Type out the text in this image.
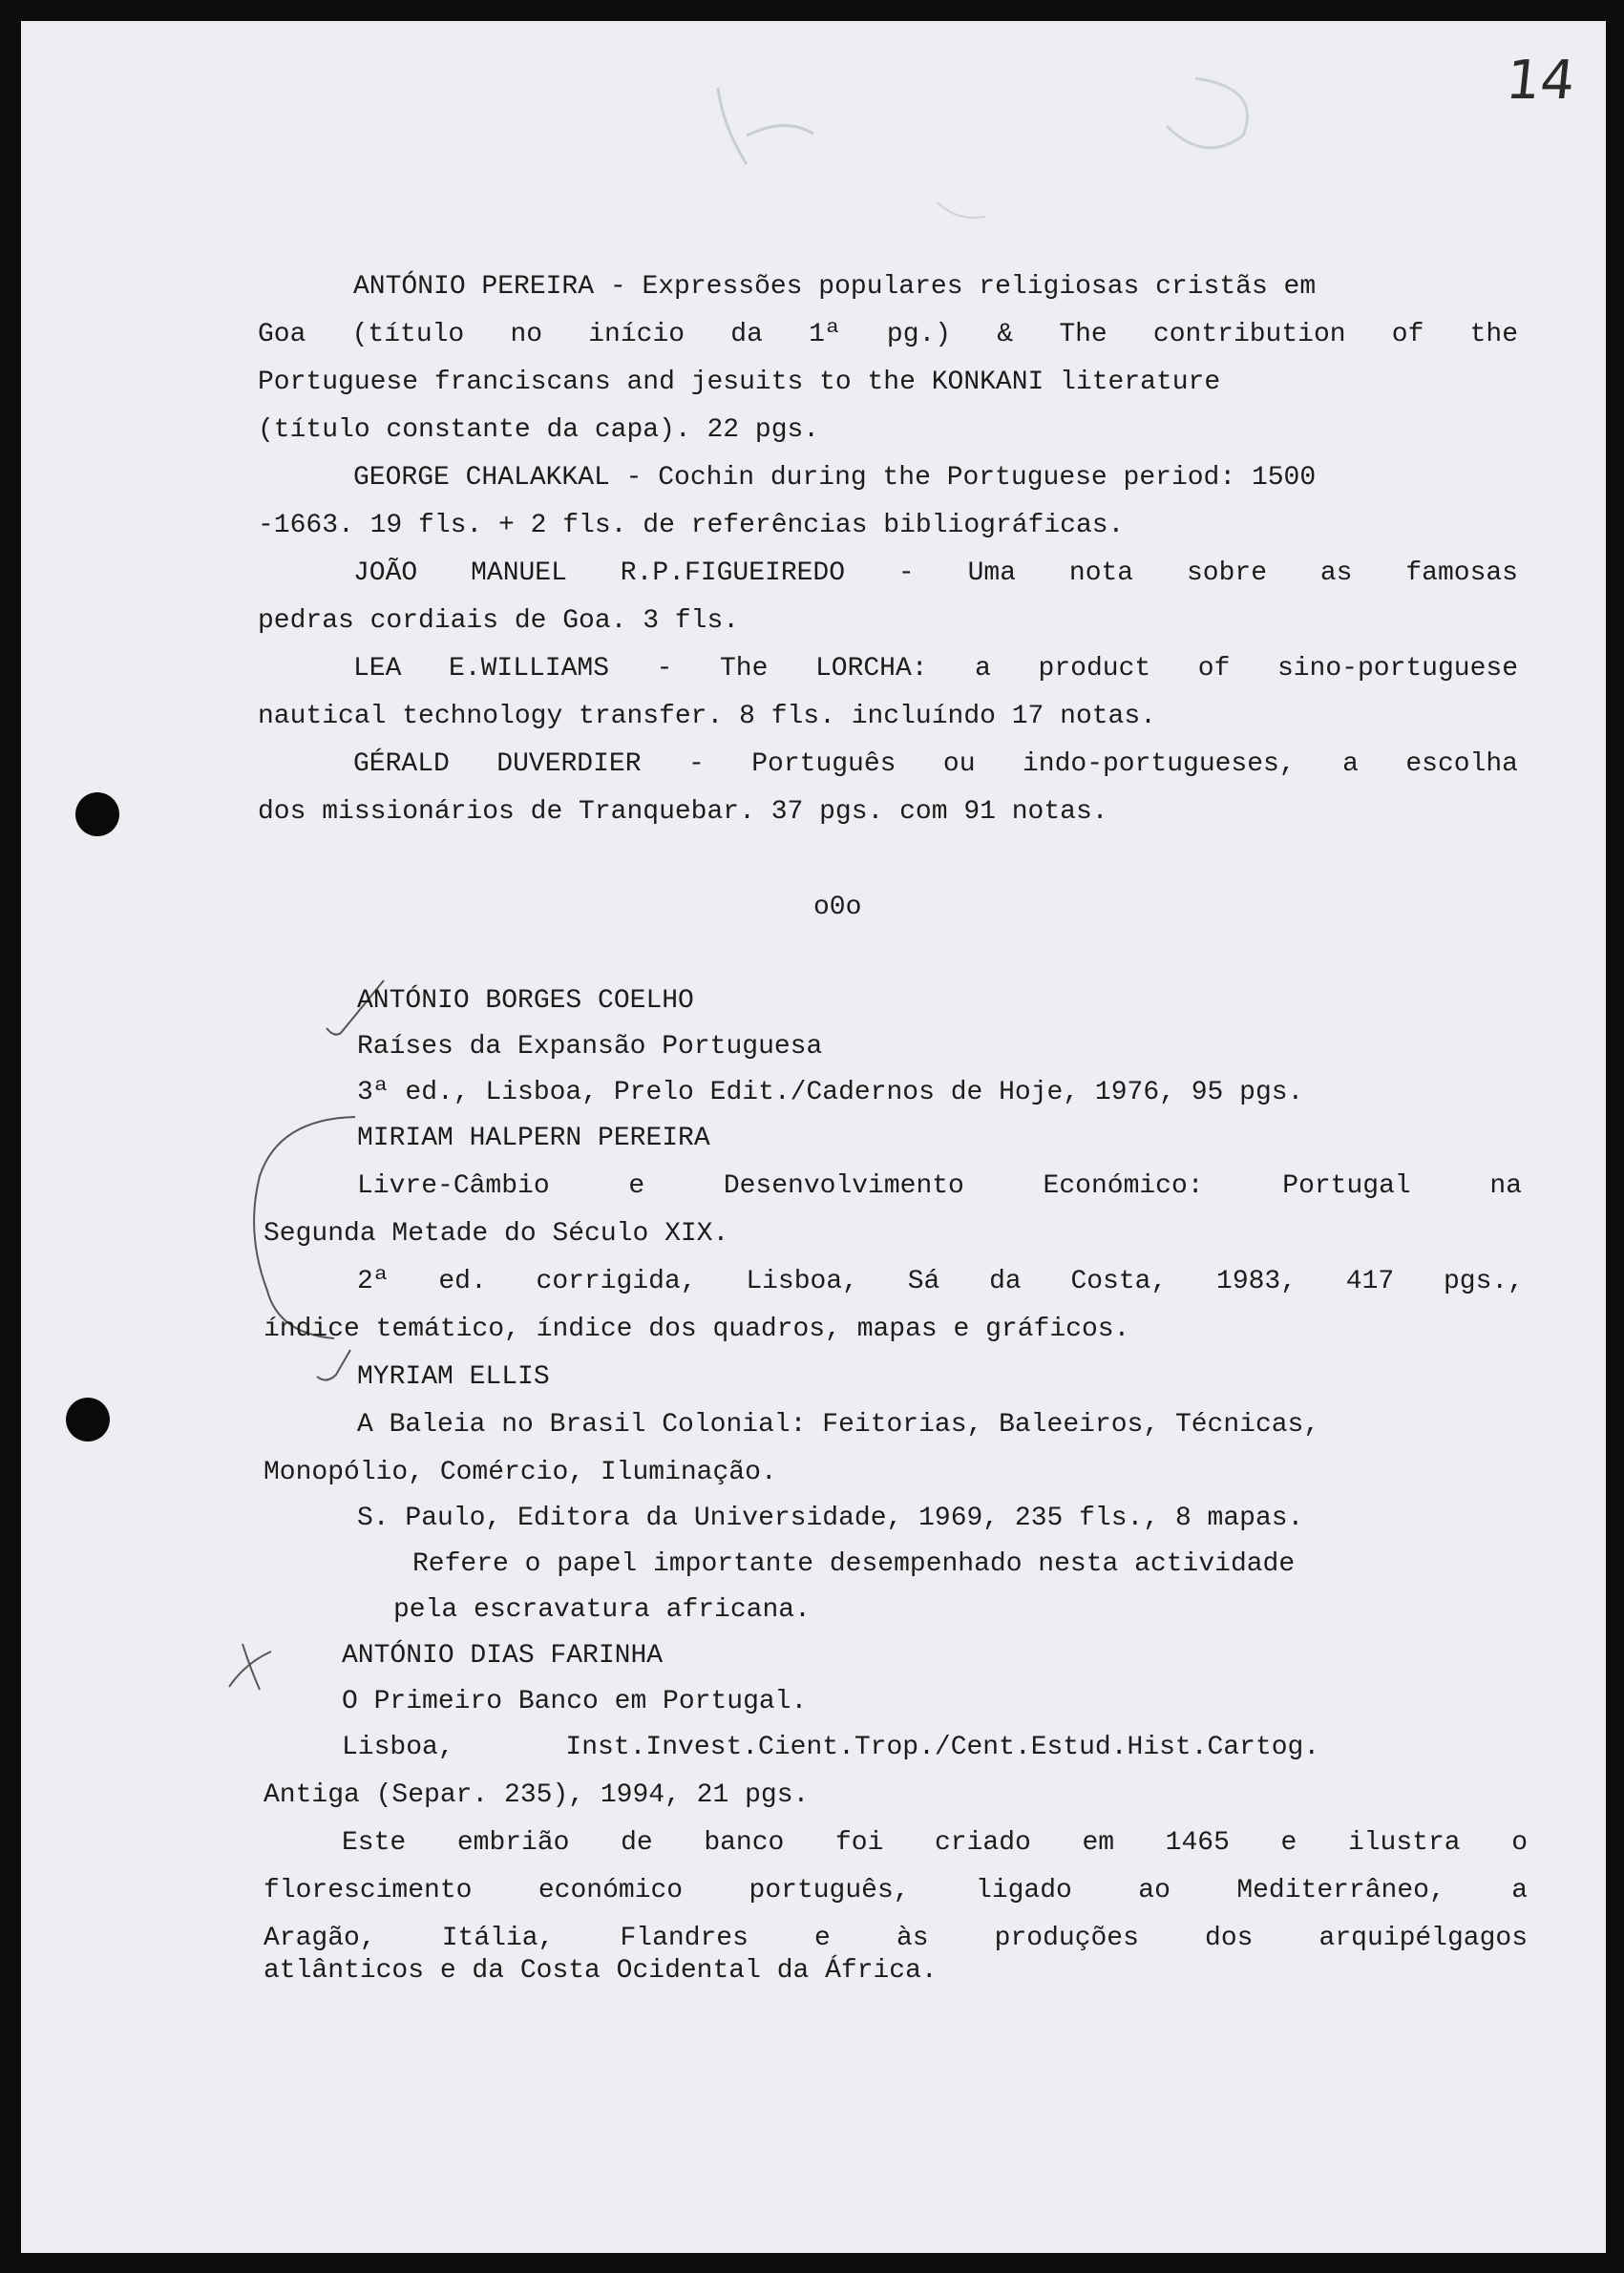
14
ANTÓNIO PEREIRA - Expressões populares religiosas cristãs em
Goa (título no início da 1ª pg.) & The contribution of the
Portuguese franciscans and jesuits to the KONKANI literature
(título constante da capa). 22 pgs.
GEORGE CHALAKKAL - Cochin during the Portuguese period: 1500
-1663. 19 fls. + 2 fls. de referências bibliográficas.
JOÃO MANUEL R.P.FIGUEIREDO - Uma nota sobre as famosas
pedras cordiais de Goa. 3 fls.
LEA E.WILLIAMS - The LORCHA: a product of sino-portuguese
nautical technology transfer. 8 fls. incluíndo 17 notas.
GÉRALD DUVERDIER - Português ou indo-portugueses, a escolha
dos missionários de Tranquebar. 37 pgs. com 91 notas.
o0o
ANTÓNIO BORGES COELHO
Raíses da Expansão Portuguesa
3ª ed., Lisboa, Prelo Edit./Cadernos de Hoje, 1976, 95 pgs.
MIRIAM HALPERN PEREIRA
Livre-Câmbio e Desenvolvimento Económico: Portugal na
Segunda Metade do Século XIX.
2ª ed. corrigida, Lisboa, Sá da Costa, 1983, 417 pgs.,
índice temático, índice dos quadros, mapas e gráficos.
MYRIAM ELLIS
A Baleia no Brasil Colonial: Feitorias, Baleeiros, Técnicas,
Monopólio, Comércio, Iluminação.
S. Paulo, Editora da Universidade, 1969, 235 fls., 8 mapas.
Refere o papel importante desempenhado nesta actividade
pela escravatura africana.
ANTÓNIO DIAS FARINHA
O Primeiro Banco em Portugal.
Lisboa, Inst.Invest.Cient.Trop./Cent.Estud.Hist.Cartog.
Antiga (Separ. 235), 1994, 21 pgs.
Este embrião de banco foi criado em 1465 e ilustra o
florescimento económico português, ligado ao Mediterrâneo, a
Aragão, Itália, Flandres e às produções dos arquipélgagos
atlânticos e da Costa Ocidental da África.
